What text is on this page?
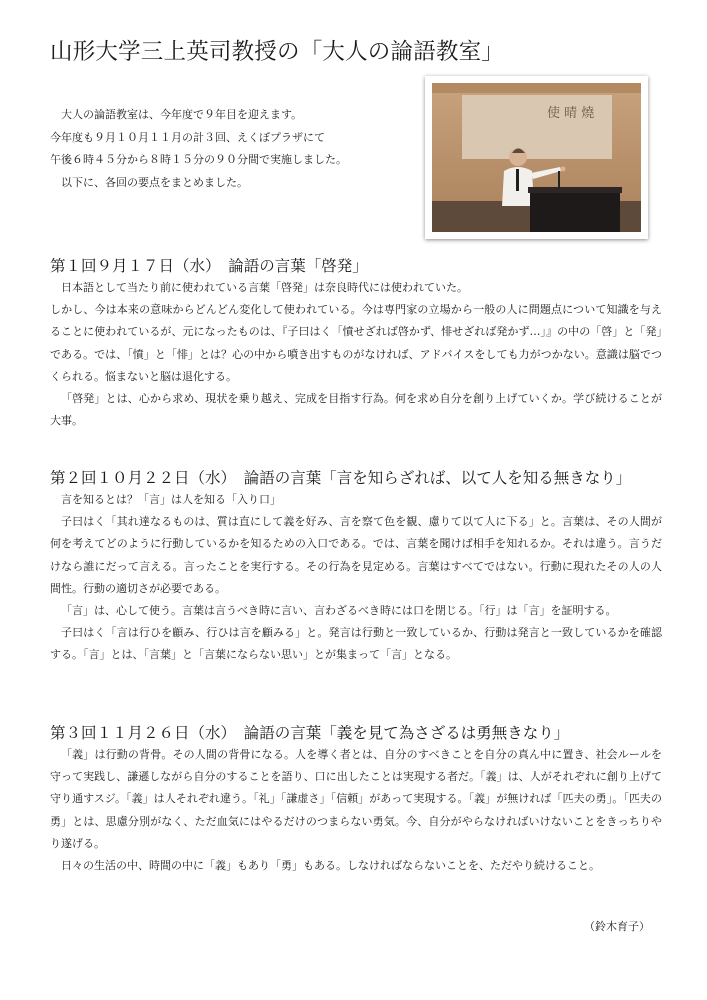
山形大学三上英司教授の「大人の論語教室」

　大人の論語教室は、今年度で９年目を迎えます。

今年度も９月１０月１１月の計３回、えくぼプラザにて

午後６時４５分から８時１５分の９０分間で実施しました。

　以下に、各回の要点をまとめました。

使 晴 燒
第１回９月１７日（水）　論語の言葉「啓発」

日本語として当たり前に使われている言葉「啓発」は奈良時代には使われていた。

しかし、今は本来の意味からどんどん変化して使われている。今は専門家の立場から一般の人に問題点について知識を与えることに使われているが、元になったものは、『子曰はく「憤せざれば啓かず、悱せざれば発かず…」』の中の「啓」と「発」である。では、「憤」と「悱」とは？心の中から噴き出すものがなければ、アドバイスをしても力がつかない。意識は脳でつくられる。悩まないと脳は退化する。

「啓発」とは、心から求め、現状を乗り越え、完成を目指す行為。何を求め自分を創り上げていくか。学び続けることが大事。

第２回１０月２２日（水）　論語の言葉「言を知らざれば、以て人を知る無きなり」

言を知るとは？「言」は人を知る「入り口」

子曰はく「其れ達なるものは、質は直にして義を好み、言を察て色を観、慮りて以て人に下る」と。言葉は、その人間が何を考えてどのように行動しているかを知るための入口である。では、言葉を聞けば相手を知れるか。それは違う。言うだけなら誰にだって言える。言ったことを実行する。その行為を見定める。言葉はすべてではない。行動に現れたその人の人間性。行動の適切さが必要である。

「言」は、心して使う。言葉は言うべき時に言い、言わざるべき時には口を閉じる。「行」は「言」を証明する。

子曰はく「言は行ひを顧み、行ひは言を顧みる」と。発言は行動と一致しているか、行動は発言と一致しているかを確認する。「言」とは、「言葉」と「言葉にならない思い」とが集まって「言」となる。

第３回１１月２６日（水）　論語の言葉「義を見て為さざるは勇無きなり」

「義」は行動の背骨。その人間の背骨になる。人を導く者とは、自分のすべきことを自分の真ん中に置き、社会ルールを守って実践し、謙遜しながら自分のすることを語り、口に出したことは実現する者だ。「義」は、人がそれぞれに創り上げて守り通すスジ。「義」は人それぞれ違う。「礼」「謙虚さ」「信頼」があって実現する。「義」が無ければ「匹夫の勇」。「匹夫の勇」とは、思慮分別がなく、ただ血気にはやるだけのつまらない勇気。今、自分がやらなければいけないことをきっちりやり遂げる。

日々の生活の中、時間の中に「義」もあり「勇」もある。しなければならないことを、ただやり続けること。

（鈴木育子）
